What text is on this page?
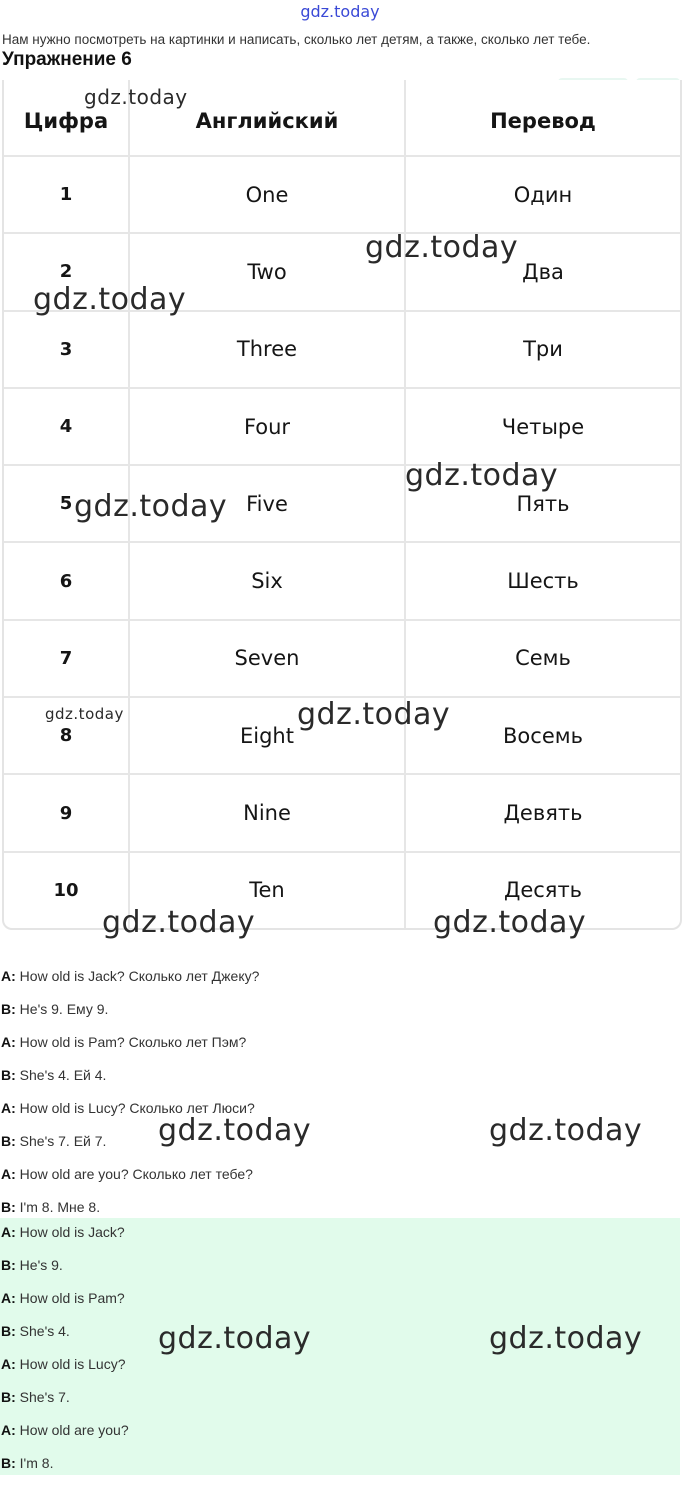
gdz.today
Нам нужно посмотреть на картинки и написать, сколько лет детям, а также, сколько лет тебе.
Упражнение 6
Цифра	Английский	Перевод
1	One	Один
2	Two	Два
3	Three	Три
4	Four	Четыре
5	Five	Пять
6	Six	Шесть
7	Seven	Семь
8	Eight	Восемь
9	Nine	Девять
10	Ten	Десять
A: How old is Jack? Сколько лет Джеку?
B: He's 9. Ему 9.
A: How old is Pam? Сколько лет Пэм?
B: She's 4. Ей 4.
A: How old is Lucy? Сколько лет Люси?
B: She's 7. Ей 7.
A: How old are you? Сколько лет тебе?
B: I'm 8. Мне 8.
A: How old is Jack?
B: He's 9.
A: How old is Pam?
B: She's 4.
A: How old is Lucy?
B: She's 7.
A: How old are you?
B: I'm 8.
gdz.today
gdz.today
gdz.today
gdz.today
gdz.today
gdz.today	gdz.today
gdz.today	gdz.today
gdz.today	gdz.today
gdz.today	gdz.today
